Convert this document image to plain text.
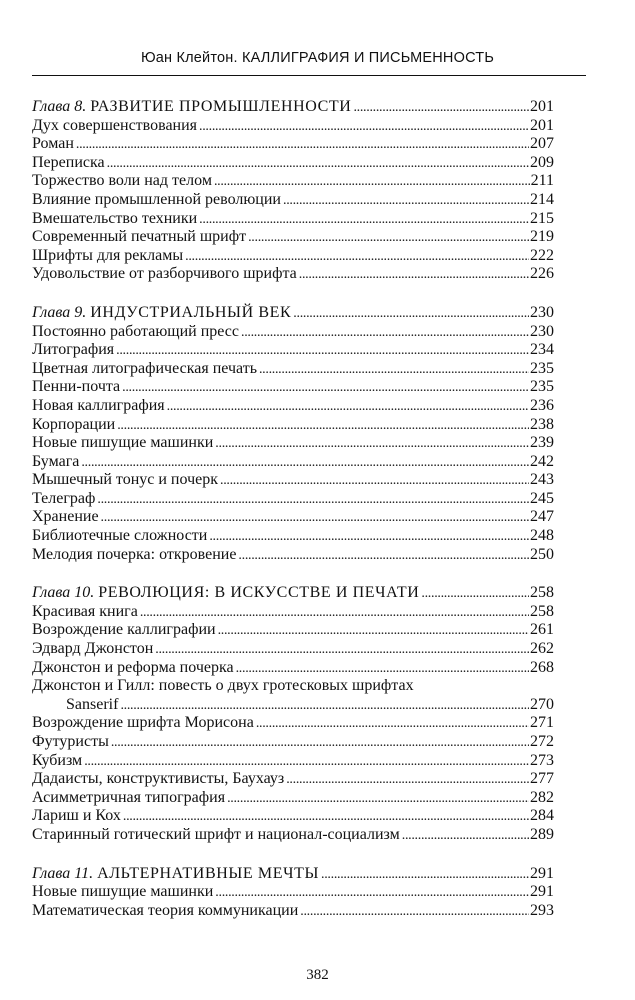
Юан Клейтон. КАЛЛИГРАФИЯ И ПИСЬМЕННОСТЬ
Глава 8. РАЗВИТИЕ ПРОМЫШЛЕННОСТИ . . .	201
Дух совершенствования . . .	201
Роман . . .	207
Переписка . . .	209
Торжество воли над телом . . .	211
Влияние промышленной революции . . .	214
Вмешательство техники . . .	215
Современный печатный шрифт . . .	219
Шрифты для рекламы . . .	222
Удовольствие от разборчивого шрифта . . .	226
Глава 9. ИНДУСТРИАЛЬНЫЙ ВЕК . . .	230
Постоянно работающий пресс . . .	230
Литография . . .	234
Цветная литографическая печать . . .	235
Пенни-почта . . .	235
Новая каллиграфия . . .	236
Корпорации . . .	238
Новые пишущие машинки . . .	239
Бумага . . .	242
Мышечный тонус и почерк . . .	243
Телеграф . . .	245
Хранение . . .	247
Библиотечные сложности . . .	248
Мелодия почерка: откровение . . .	250
Глава 10. РЕВОЛЮЦИЯ: В ИСКУССТВЕ И ПЕЧАТИ . . .	258
Красивая книга . . .	258
Возрождение каллиграфии . . .	261
Эдвард Джонстон . . .	262
Джонстон и реформа почерка . . .	268
Джонстон и Гилл: повесть о двух гротесковых шрифтах
Sanserif . . .	270
Возрождение шрифта Морисона . . .	271
Футуристы . . .	272
Кубизм . . .	273
Дадаисты, конструктивисты, Баухауз . . .	277
Асимметричная типография . . .	282
Лариш и Кох . . .	284
Старинный готический шрифт и национал-социализм . . .	289
Глава 11. АЛЬТЕРНАТИВНЫЕ МЕЧТЫ . . .	291
Новые пишущие машинки . . .	291
Математическая теория коммуникации . . .	293
382
